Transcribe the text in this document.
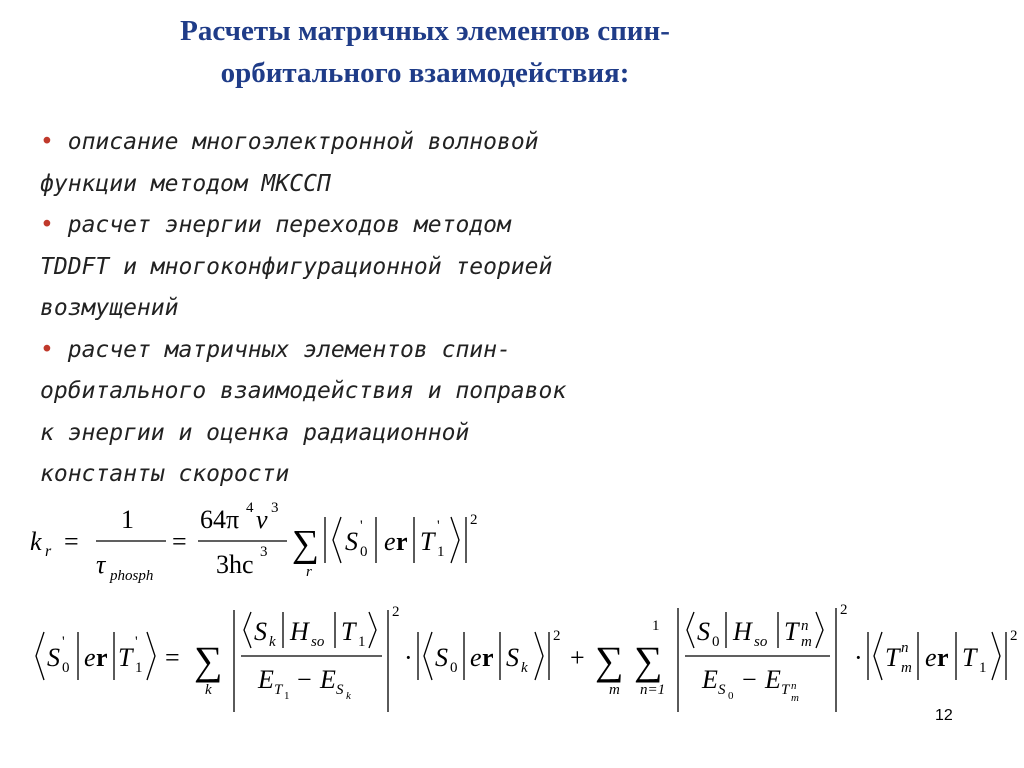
Расчеты матричных элементов спин-
орбитального взаимодействия:
• описание многоэлектронной волновой
функции методом МКССП
• расчет энергии переходов методом
TDDFT и многоконфигурационной теорией
возмущений
• расчет матричных элементов спин-
орбитального взаимодействия и поправок
к энергии и оценка радиационной
константы скорости
k r =
1
τ phosph
=
64π 4 ν 3
3hc 3 ∑
r
S 0
'
e r T 1
' 2
S 0
'
e r T 1
'
= ∑
k
S k H so T 1
E T 1
− E S k
2
· S 0 e r S k
2
+ ∑
m
∑
1
n=1
S 0 H so T n
m
E S 0
− E T n
m
2
· T n
m e r T 1
2
12
